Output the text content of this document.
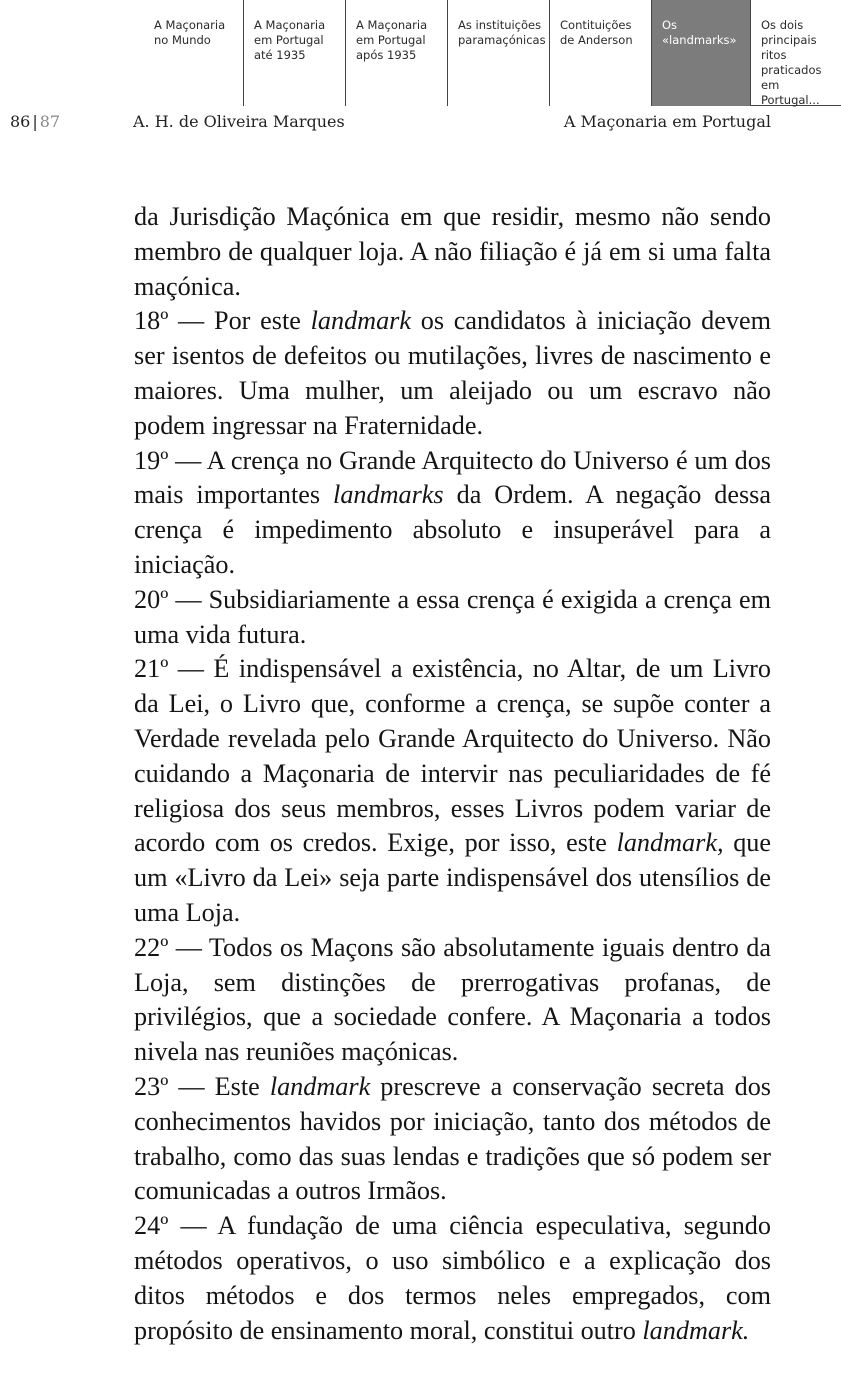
A Maçonaria
no Mundo
A Maçonaria
em Portugal
até 1935
A Maçonaria
em Portugal
após 1935
As instituições
paramaçónicas
Contituições
de Anderson
Os
«landmarks»
Os dois
principais ritos
praticados em
Portugal...
86 | 87	A. H. de Oliveira Marques	A Maçonaria em Portugal

da Jurisdição Maçónica em que residir, mesmo não sendo membro de qualquer loja. A não filiação é já em si uma falta maçónica.

18º — Por este landmark os candidatos à iniciação devem ser isentos de defeitos ou mutilações, livres de nascimento e maiores. Uma mulher, um aleijado ou um escravo não podem ingressar na Fraternidade.

19º — A crença no Grande Arquitecto do Universo é um dos mais importantes landmarks da Ordem. A negação dessa crença é impedimento absoluto e insuperável para a iniciação.

20º — Subsidiariamente a essa crença é exigida a crença em uma vida futura.

21º — É indispensável a existência, no Altar, de um Livro da Lei, o Livro que, conforme a crença, se supõe conter a Verdade revelada pelo Grande Arquitecto do Universo. Não cuidando a Maçonaria de intervir nas peculiaridades de fé religiosa dos seus membros, esses Livros podem variar de acordo com os credos. Exige, por isso, este landmark, que um «Livro da Lei» seja parte indispensável dos utensílios de uma Loja.

22º — Todos os Maçons são absolutamente iguais dentro da Loja, sem distinções de prerrogativas profanas, de privilégios, que a sociedade confere. A Maçonaria a todos nivela nas reuniões maçónicas.

23º — Este landmark prescreve a conservação secreta dos conhecimentos havidos por iniciação, tanto dos métodos de trabalho, como das suas lendas e tradições que só podem ser comunicadas a outros Irmãos.

24º — A fundação de uma ciência especulativa, segundo métodos operativos, o uso simbólico e a explicação dos ditos métodos e dos termos neles empregados, com propósito de ensinamento moral, constitui outro landmark.
